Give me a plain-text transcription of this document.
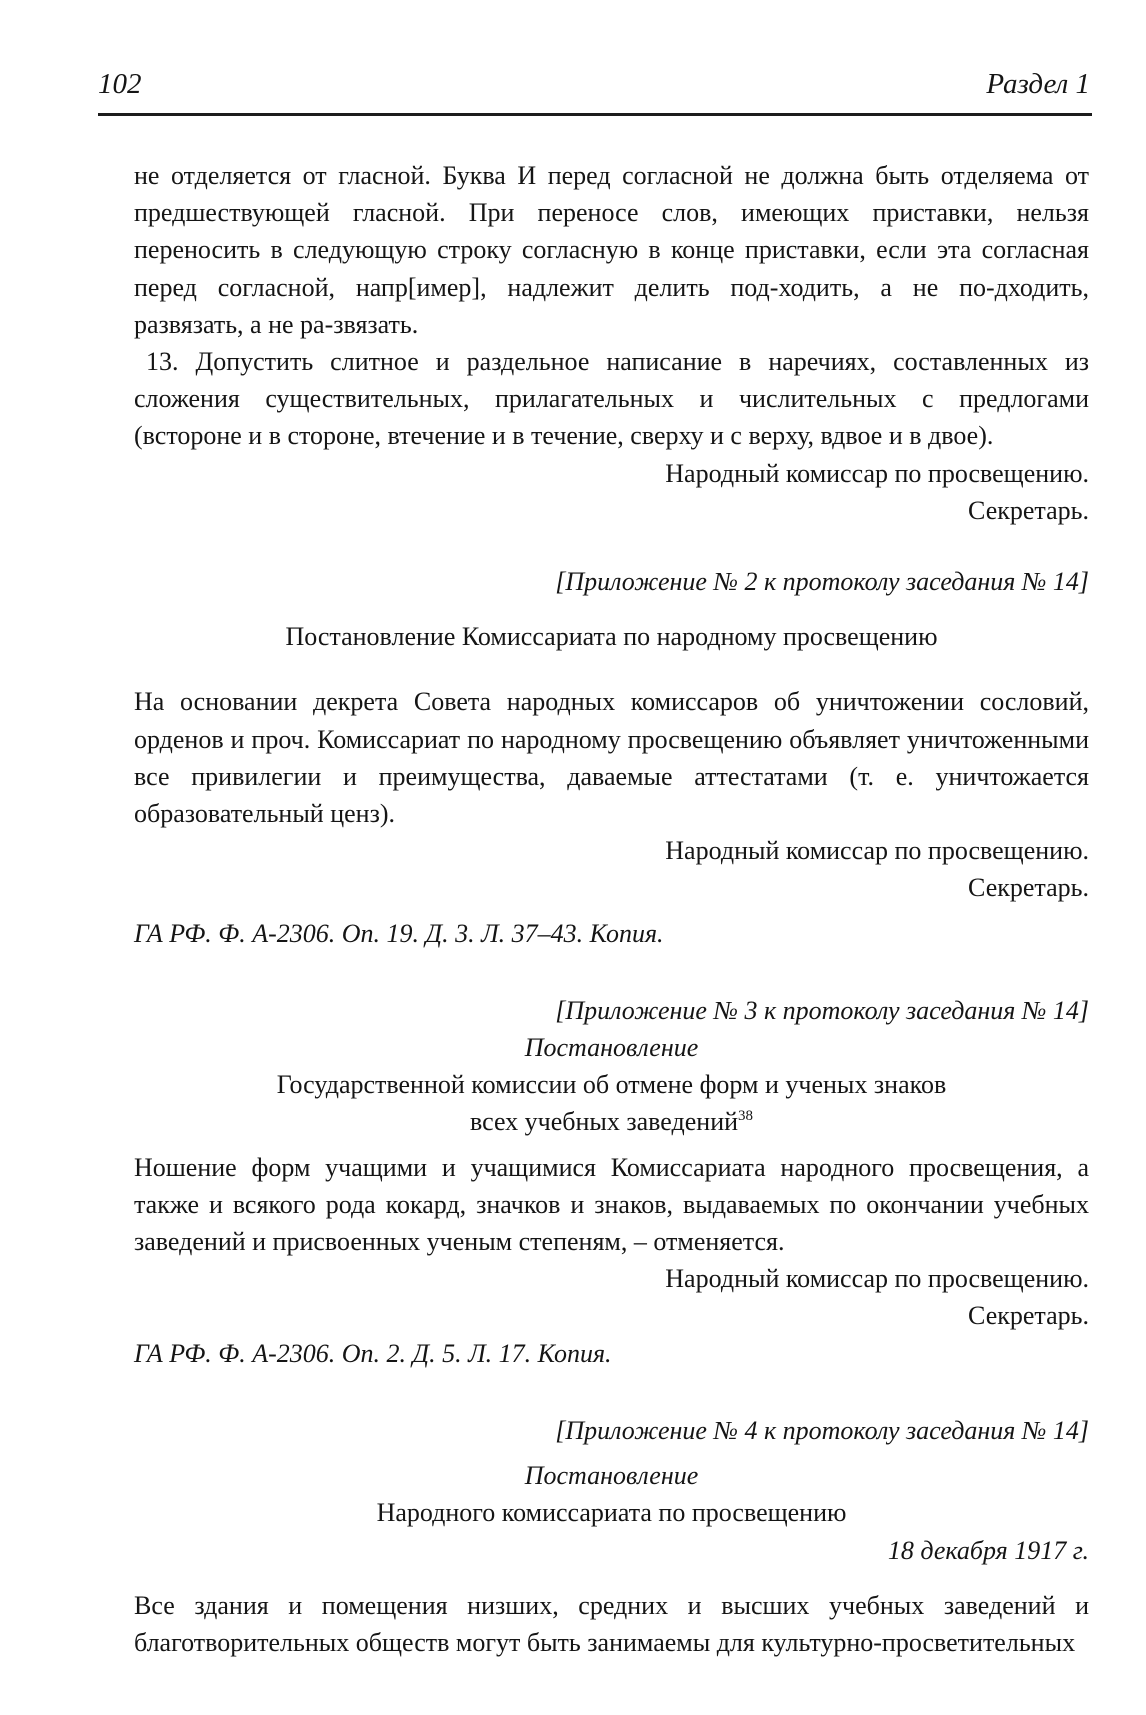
102	Раздел 1

не отделяется от гласной. Буква И перед согласной не должна быть отделяема от предшествующей гласной. При переносе слов, имеющих приставки, нельзя переносить в следующую строку согласную в конце приставки, если эта согласная перед согласной, напр[имер], надлежит делить под-ходить, а не по-дходить, развязать, а не ра-звязать.

13. Допустить слитное и раздельное написание в наречиях, составленных из сложения существительных, прилагательных и числительных с предлогами (всторонe и в стороне, втечение и в течение, сверху и с верху, вдвое и в двое).

Народный комиссар по просвещению.

Секретарь.

[Приложение № 2 к протоколу заседания № 14]

Постановление Комиссариата по народному просвещению

На основании декрета Совета народных комиссаров об уничтожении сословий, орденов и проч. Комиссариат по народному просвещению объявляет уничтоженными все привилегии и преимущества, даваемые аттестатами (т. е. уничтожается образовательный ценз).

Народный комиссар по просвещению.

Секретарь.

ГА РФ. Ф. А-2306. Оп. 19. Д. 3. Л. 37–43. Копия.

[Приложение № 3 к протоколу заседания № 14]

Постановление

Государственной комиссии об отмене форм и ученых знаков

всех учебных заведений$^{38}$

Ношение форм учащими и учащимися Комиссариата народного просвещения, а также и всякого рода кокард, значков и знаков, выдаваемых по окончании учебных заведений и присвоенных ученым степеням, – отменяется.

Народный комиссар по просвещению.

Секретарь.

ГА РФ. Ф. А-2306. Оп. 2. Д. 5. Л. 17. Копия.

[Приложение № 4 к протоколу заседания № 14]

Постановление

Народного комиссариата по просвещению

18 декабря 1917 г.

Все здания и помещения низших, средних и высших учебных заведений и благотворительных обществ могут быть занимаемы для культурно-просветительных
